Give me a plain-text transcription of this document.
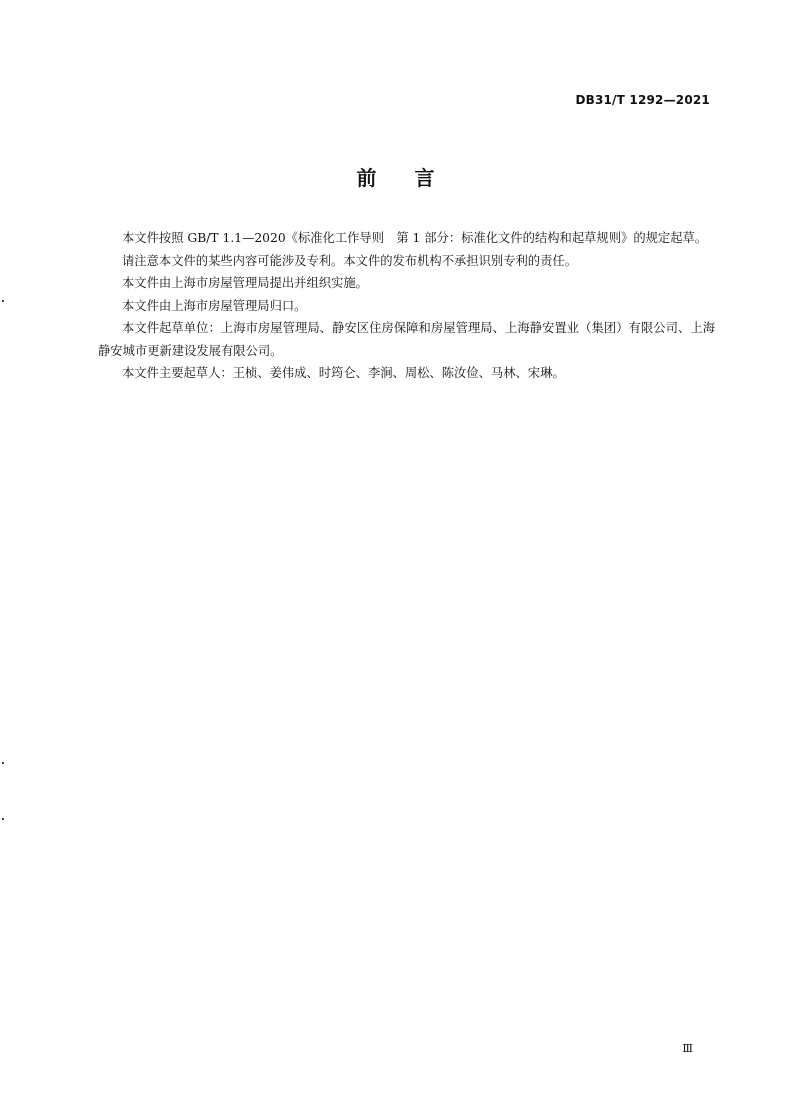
DB31/T 1292—2021
前言

本文件按照 GB/T 1.1—2020《标准化工作导则　第 1 部分：标准化文件的结构和起草规则》的规定起草。

请注意本文件的某些内容可能涉及专利。本文件的发布机构不承担识别专利的责任。

本文件由上海市房屋管理局提出并组织实施。

本文件由上海市房屋管理局归口。

本文件起草单位：上海市房屋管理局、静安区住房保障和房屋管理局、上海静安置业（集团）有限公司、上海静安城市更新建设发展有限公司。

本文件主要起草人：王桢、姜伟成、时筠仑、李涧、周松、陈汝俭、马林、宋琳。

Ⅲ
